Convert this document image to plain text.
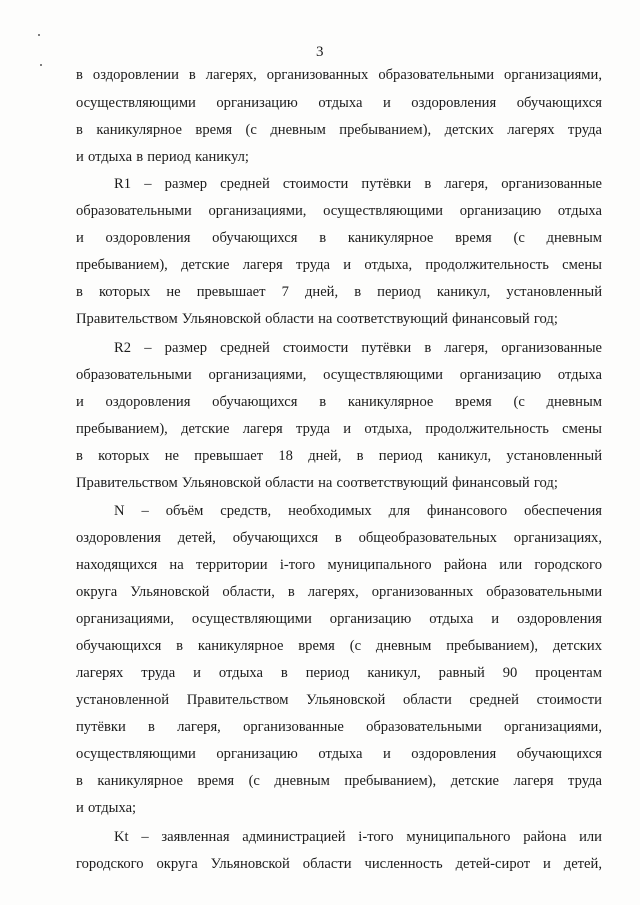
3
в оздоровлении в лагерях, организованных образовательными организациями,
осуществляющими организацию отдыха и оздоровления обучающихся
в каникулярное время (с дневным пребыванием), детских лагерях труда
и отдыха в период каникул;
R1 – размер средней стоимости путёвки в лагеря, организованные
образовательными организациями, осуществляющими организацию отдыха
и оздоровления обучающихся в каникулярное время (с дневным
пребыванием), детские лагеря труда и отдыха, продолжительность смены
в которых не превышает 7 дней, в период каникул, установленный
Правительством Ульяновской области на соответствующий финансовый год;
R2 – размер средней стоимости путёвки в лагеря, организованные
образовательными организациями, осуществляющими организацию отдыха
и оздоровления обучающихся в каникулярное время (с дневным
пребыванием), детские лагеря труда и отдыха, продолжительность смены
в которых не превышает 18 дней, в период каникул, установленный
Правительством Ульяновской области на соответствующий финансовый год;
N – объём средств, необходимых для финансового обеспечения
оздоровления детей, обучающихся в общеобразовательных организациях,
находящихся на территории i-того муниципального района или городского
округа Ульяновской области, в лагерях, организованных образовательными
организациями, осуществляющими организацию отдыха и оздоровления
обучающихся в каникулярное время (с дневным пребыванием), детских
лагерях труда и отдыха в период каникул, равный 90 процентам
установленной Правительством Ульяновской области средней стоимости
путёвки в лагеря, организованные образовательными организациями,
осуществляющими организацию отдыха и оздоровления обучающихся
в каникулярное время (с дневным пребыванием), детские лагеря труда
и отдыха;
Kt – заявленная администрацией i-того муниципального района или
городского округа Ульяновской области численность детей-сирот и детей,
